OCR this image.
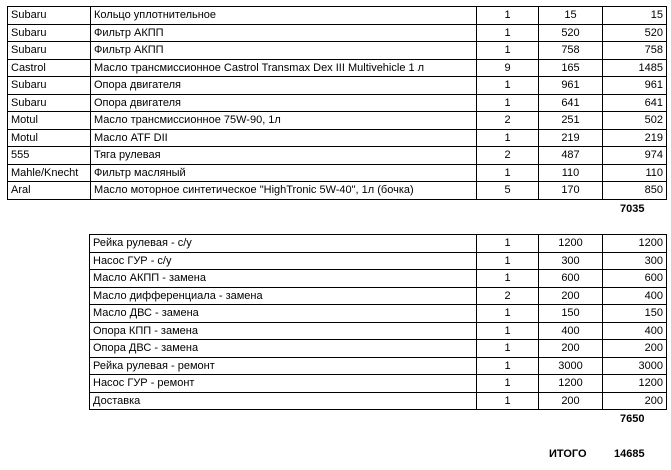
Subaru	Кольцо уплотнительное	1	15	15
Subaru	Фильтр АКПП	1	520	520
Subaru	Фильтр АКПП	1	758	758
Castrol	Масло трансмиссионное Castrol Transmax Dex III Multivehicle 1 л	9	165	1485
Subaru	Опора двигателя	1	961	961
Subaru	Опора двигателя	1	641	641
Motul	Масло трансмиссионное 75W-90, 1л	2	251	502
Motul	Масло ATF DII	1	219	219
555	Тяга рулевая	2	487	974
Mahle/Knecht	Фильтр масляный	1	110	110
Aral	Масло моторное синтетическое "HighTronic 5W-40", 1л (бочка)	5	170	850
7035
Рейка рулевая - с/у	1	1200	1200
Насос ГУР - с/у	1	300	300
Масло АКПП - замена	1	600	600
Масло дифференциала - замена	2	200	400
Масло ДВС - замена	1	150	150
Опора КПП - замена	1	400	400
Опора ДВС - замена	1	200	200
Рейка рулевая - ремонт	1	3000	3000
Насос ГУР - ремонт	1	1200	1200
Доставка	1	200	200
7650
ИТОГО 14685
